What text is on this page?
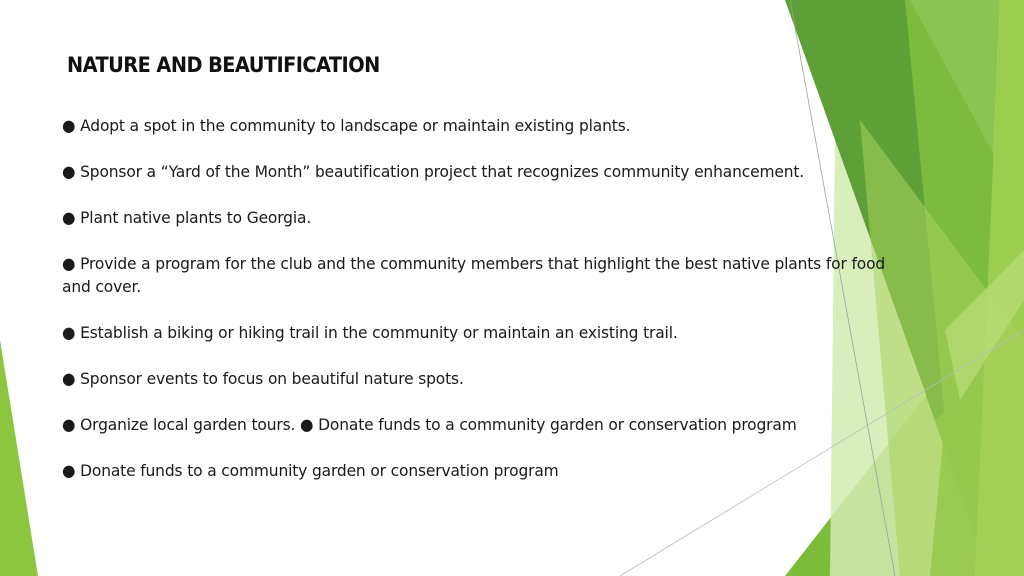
NATURE AND BEAUTIFICATION
● Adopt a spot in the community to landscape or maintain existing plants.
● Sponsor a “Yard of the Month” beautification project that recognizes community enhancement.
● Plant native plants to Georgia.
● Provide a program for the club and the community members that highlight the best native plants for food and cover.
● Establish a biking or hiking trail in the community or maintain an existing trail.
● Sponsor events to focus on beautiful nature spots.
● Organize local garden tours. ● Donate funds to a community garden or conservation program
● Donate funds to a community garden or conservation program
